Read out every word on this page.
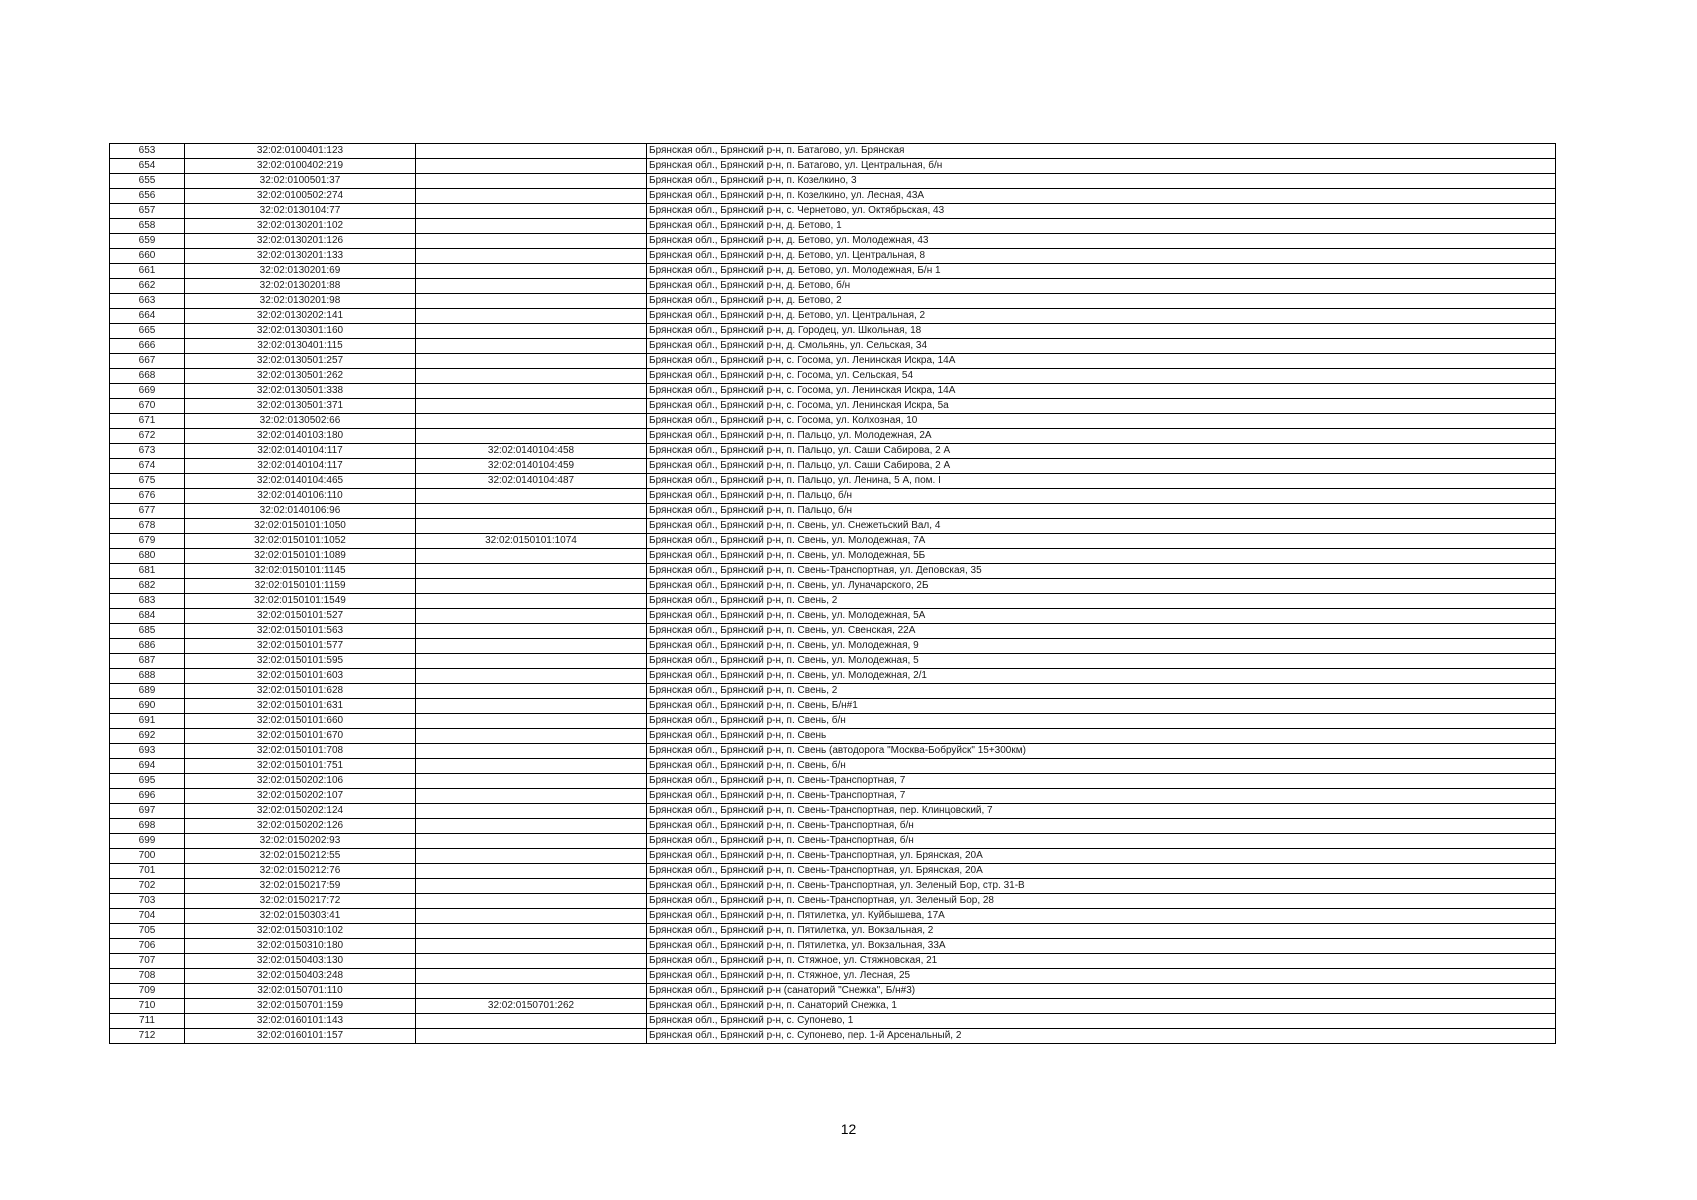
653	32:02:0100401:123		Брянская обл., Брянский р-н, п. Батагово, ул. Брянская
654	32:02:0100402:219		Брянская обл., Брянский р-н, п. Батагово, ул. Центральная, б/н
655	32:02:0100501:37		Брянская обл., Брянский р-н, п. Козелкино, 3
656	32:02:0100502:274		Брянская обл., Брянский р-н, п. Козелкино, ул. Лесная, 43А
657	32:02:0130104:77		Брянская обл., Брянский р-н, с. Чернетово, ул. Октябрьская, 43
658	32:02:0130201:102		Брянская обл., Брянский р-н, д. Бетово, 1
659	32:02:0130201:126		Брянская обл., Брянский р-н, д. Бетово, ул. Молодежная, 43
660	32:02:0130201:133		Брянская обл., Брянский р-н, д. Бетово, ул. Центральная, 8
661	32:02:0130201:69		Брянская обл., Брянский р-н, д. Бетово, ул. Молодежная, Б/н 1
662	32:02:0130201:88		Брянская обл., Брянский р-н, д. Бетово, б/н
663	32:02:0130201:98		Брянская обл., Брянский р-н, д. Бетово, 2
664	32:02:0130202:141		Брянская обл., Брянский р-н, д. Бетово, ул. Центральная, 2
665	32:02:0130301:160		Брянская обл., Брянский р-н, д. Городец, ул. Школьная, 18
666	32:02:0130401:115		Брянская обл., Брянский р-н, д. Смольянь, ул. Сельская, 34
667	32:02:0130501:257		Брянская обл., Брянский р-н, с. Госома, ул. Ленинская Искра, 14А
668	32:02:0130501:262		Брянская обл., Брянский р-н, с. Госома, ул. Сельская, 54
669	32:02:0130501:338		Брянская обл., Брянский р-н, с. Госома, ул. Ленинская Искра, 14А
670	32:02:0130501:371		Брянская обл., Брянский р-н, с. Госома, ул. Ленинская Искра, 5а
671	32:02:0130502:66		Брянская обл., Брянский р-н, с. Госома, ул. Колхозная, 10
672	32:02:0140103:180		Брянская обл., Брянский р-н, п. Пальцо, ул. Молодежная, 2А
673	32:02:0140104:117	32:02:0140104:458	Брянская обл., Брянский р-н, п. Пальцо, ул. Саши Сабирова, 2 А
674	32:02:0140104:117	32:02:0140104:459	Брянская обл., Брянский р-н, п. Пальцо, ул. Саши Сабирова, 2 А
675	32:02:0140104:465	32:02:0140104:487	Брянская обл., Брянский р-н, п. Пальцо, ул. Ленина, 5 А, пом. I
676	32:02:0140106:110		Брянская обл., Брянский р-н, п. Пальцо, б/н
677	32:02:0140106:96		Брянская обл., Брянский р-н, п. Пальцо, б/н
678	32:02:0150101:1050		Брянская обл., Брянский р-н, п. Свень, ул. Снежетьский Вал, 4
679	32:02:0150101:1052	32:02:0150101:1074	Брянская обл., Брянский р-н, п. Свень, ул. Молодежная, 7А
680	32:02:0150101:1089		Брянская обл., Брянский р-н, п. Свень, ул. Молодежная, 5Б
681	32:02:0150101:1145		Брянская обл., Брянский р-н, п. Свень-Транспортная, ул. Деповская, 35
682	32:02:0150101:1159		Брянская обл., Брянский р-н, п. Свень, ул. Луначарского, 2Б
683	32:02:0150101:1549		Брянская обл., Брянский р-н, п. Свень, 2
684	32:02:0150101:527		Брянская обл., Брянский р-н, п. Свень, ул. Молодежная, 5А
685	32:02:0150101:563		Брянская обл., Брянский р-н, п. Свень, ул. Свенская, 22А
686	32:02:0150101:577		Брянская обл., Брянский р-н, п. Свень, ул. Молодежная, 9
687	32:02:0150101:595		Брянская обл., Брянский р-н, п. Свень, ул. Молодежная, 5
688	32:02:0150101:603		Брянская обл., Брянский р-н, п. Свень, ул. Молодежная, 2/1
689	32:02:0150101:628		Брянская обл., Брянский р-н, п. Свень, 2
690	32:02:0150101:631		Брянская обл., Брянский р-н, п. Свень, Б/н#1
691	32:02:0150101:660		Брянская обл., Брянский р-н, п. Свень, б/н
692	32:02:0150101:670		Брянская обл., Брянский р-н, п. Свень
693	32:02:0150101:708		Брянская обл., Брянский р-н, п. Свень (автодорога "Москва-Бобруйск" 15+300км)
694	32:02:0150101:751		Брянская обл., Брянский р-н, п. Свень, б/н
695	32:02:0150202:106		Брянская обл., Брянский р-н, п. Свень-Транспортная, 7
696	32:02:0150202:107		Брянская обл., Брянский р-н, п. Свень-Транспортная, 7
697	32:02:0150202:124		Брянская обл., Брянский р-н, п. Свень-Транспортная, пер. Клинцовский, 7
698	32:02:0150202:126		Брянская обл., Брянский р-н, п. Свень-Транспортная, б/н
699	32:02:0150202:93		Брянская обл., Брянский р-н, п. Свень-Транспортная, б/н
700	32:02:0150212:55		Брянская обл., Брянский р-н, п. Свень-Транспортная, ул. Брянская, 20А
701	32:02:0150212:76		Брянская обл., Брянский р-н, п. Свень-Транспортная, ул. Брянская, 20А
702	32:02:0150217:59		Брянская обл., Брянский р-н, п. Свень-Транспортная, ул. Зеленый Бор, стр. 31-В
703	32:02:0150217:72		Брянская обл., Брянский р-н, п. Свень-Транспортная, ул. Зеленый Бор, 28
704	32:02:0150303:41		Брянская обл., Брянский р-н, п. Пятилетка, ул. Куйбышева, 17А
705	32:02:0150310:102		Брянская обл., Брянский р-н, п. Пятилетка, ул. Вокзальная, 2
706	32:02:0150310:180		Брянская обл., Брянский р-н, п. Пятилетка, ул. Вокзальная, 33А
707	32:02:0150403:130		Брянская обл., Брянский р-н, п. Стяжное, ул. Стяжновская, 21
708	32:02:0150403:248		Брянская обл., Брянский р-н, п. Стяжное, ул. Лесная, 25
709	32:02:0150701:110		Брянская обл., Брянский р-н (санаторий "Снежка", Б/н#3)
710	32:02:0150701:159	32:02:0150701:262	Брянская обл., Брянский р-н, п. Санаторий Снежка, 1
711	32:02:0160101:143		Брянская обл., Брянский р-н, с. Супонево, 1
712	32:02:0160101:157		Брянская обл., Брянский р-н, с. Супонево, пер. 1-й Арсенальный, 2
12
